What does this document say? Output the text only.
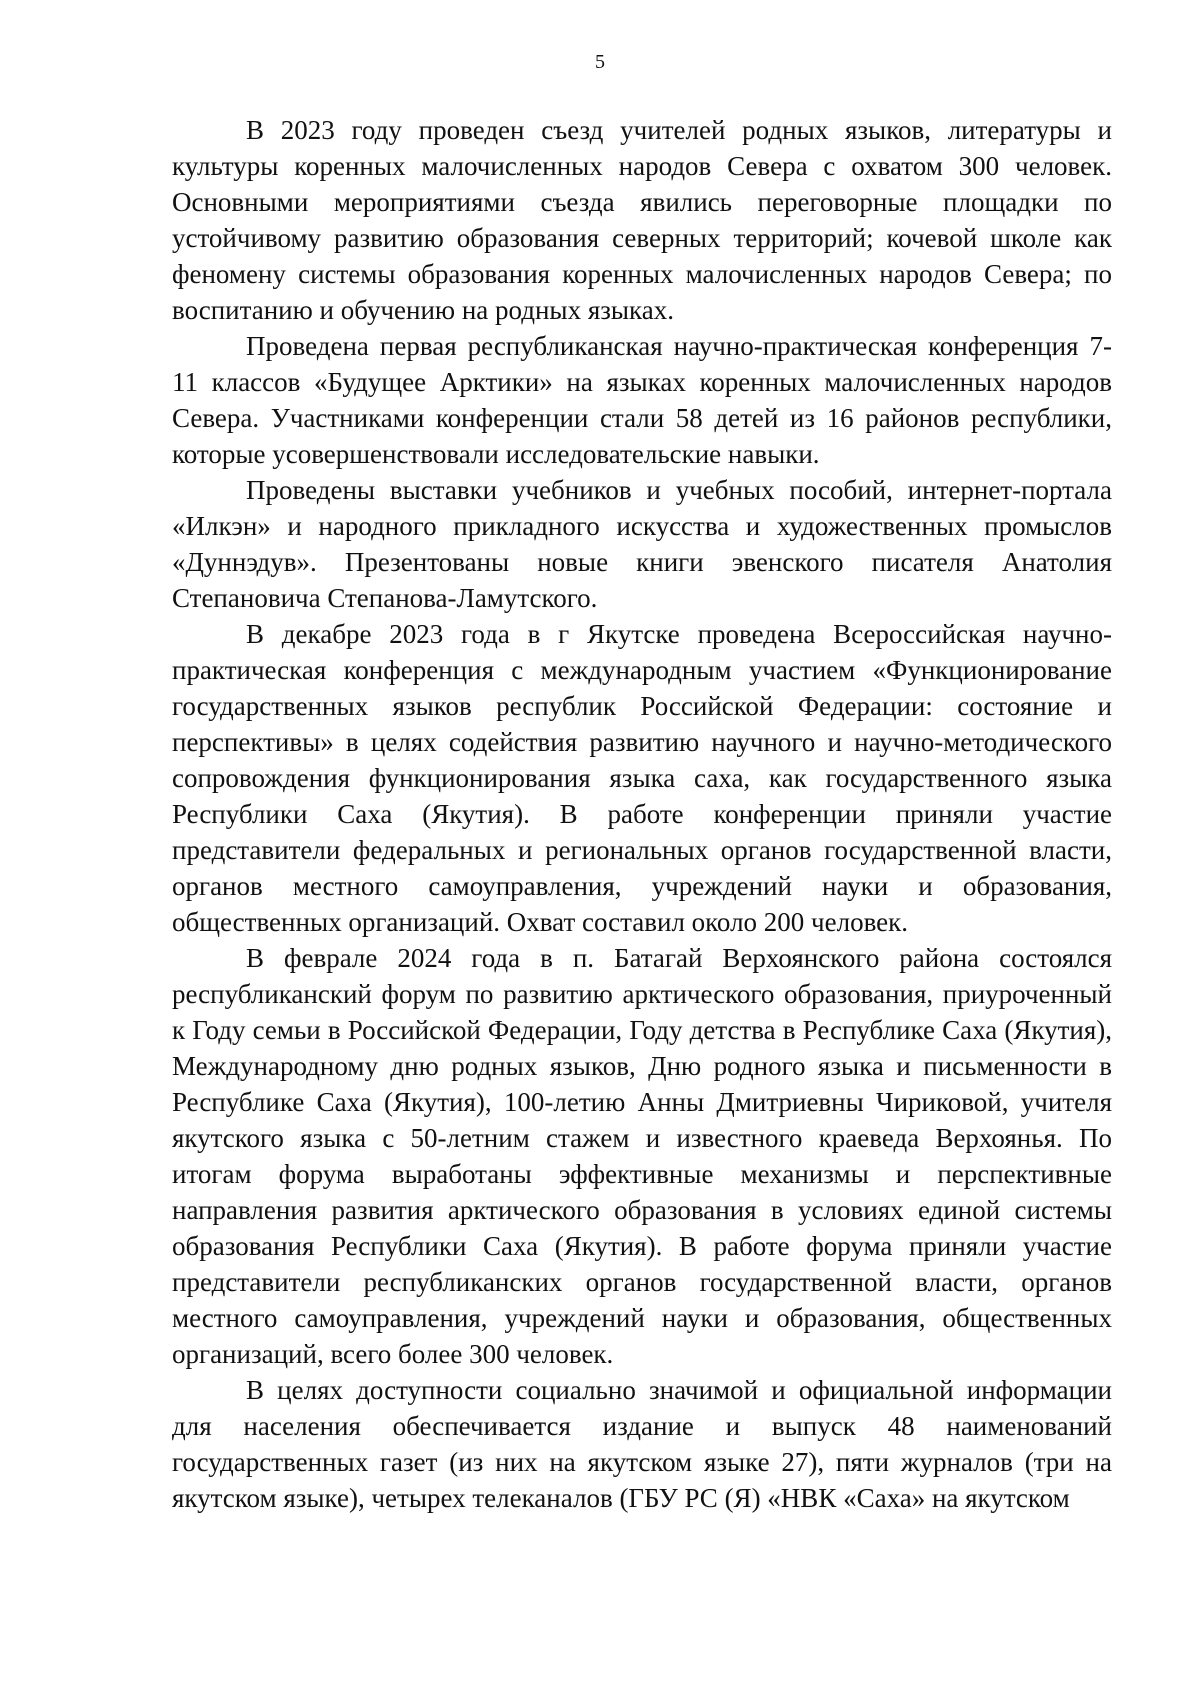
5

В 2023 году проведен съезд учителей родных языков, литературы и культуры коренных малочисленных народов Севера с охватом 300 человек. Основными мероприятиями съезда явились переговорные площадки по устойчивому развитию образования северных территорий; кочевой школе как феномену системы образования коренных малочисленных народов Севера; по воспитанию и обучению на родных языках.

Проведена первая республиканская научно-практическая конференция 7-11 классов «Будущее Арктики» на языках коренных малочисленных народов Севера. Участниками конференции стали 58 детей из 16 районов республики, которые усовершенствовали исследовательские навыки.

Проведены выставки учебников и учебных пособий, интернет-портала «Илкэн» и народного прикладного искусства и художественных промыслов «Дуннэдув». Презентованы новые книги эвенского писателя Анатолия Степановича Степанова-Ламутского.

В декабре 2023 года в г Якутске проведена Всероссийская научно-практическая конференция с международным участием «Функционирование государственных языков республик Российской Федерации: состояние и перспективы» в целях содействия развитию научного и научно-методического сопровождения функционирования языка саха, как государственного языка Республики Саха (Якутия). В работе конференции приняли участие представители федеральных и региональных органов государственной власти, органов местного самоуправления, учреждений науки и образования, общественных организаций. Охват составил около 200 человек.

В феврале 2024 года в п. Батагай Верхоянского района состоялся республиканский форум по развитию арктического образования, приуроченный к Году семьи в Российской Федерации, Году детства в Республике Саха (Якутия), Международному дню родных языков, Дню родного языка и письменности в Республике Саха (Якутия), 100-летию Анны Дмитриевны Чириковой, учителя якутского языка с 50-летним стажем и известного краеведа Верхоянья. По итогам форума выработаны эффективные механизмы и перспективные направления развития арктического образования в условиях единой системы образования Республики Саха (Якутия). В работе форума приняли участие представители республиканских органов государственной власти, органов местного самоуправления, учреждений науки и образования, общественных организаций, всего более 300 человек.

В целях доступности социально значимой и официальной информации для населения обеспечивается издание и выпуск 48 наименований государственных газет (из них на якутском языке 27), пяти журналов (три на якутском языке), четырех телеканалов (ГБУ РС (Я) «НВК «Саха» на якутском
